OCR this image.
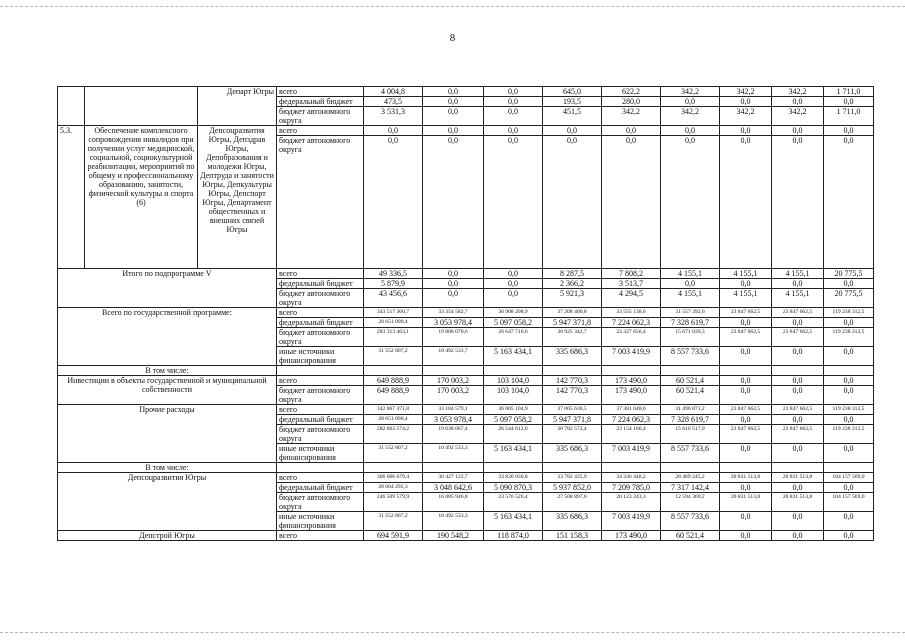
8
		Департ Югры	всего	4 004,8	0,0	0,0	645,0	622,2	342,2	342,2	342,2	1 711,0
			федеральный бюджет	473,5	0,0	0,0	193,5	280,0	0,0	0,0	0,0	0,0
			бюджет автономного округа	3 531,3	0,0	0,0	451,5	342,2	342,2	342,2	342,2	1 711,0
5.3.	Обеспечение комплексного сопровождения инвалидов при получении услуг медицинской, социальной, социокультурной реабилитации, мероприятий по общему и профессиональному образованию, занятости, физической культуры и спорта (6)	Депсоцразвития Югры, Депздрав Югры, Депобразования и молодежи Югры, Дептруда и занятости Югры, Депкультуры Югры, Депспорт Югры, Департамент общественных и внешних связей Югры	всего	0,0	0,0	0,0	0,0	0,0	0,0	0,0	0,0	0,0
			бюджет автономного округа	0,0	0,0	0,0	0,0	0,0	0,0	0,0	0,0	0,0
Итого по подпрограмме V			всего	49 336,5	0,0	0,0	8 287,5	7 808,2	4 155,1	4 155,1	4 155,1	20 775,5
			федеральный бюджет	5 879,9	0,0	0,0	2 366,2	3 513,7	0,0	0,0	0,0	0,0
			бюджет автономного округа	43 456,6	0,0	0,0	5 921,3	4 294,5	4 155,1	4 155,1	4 155,1	20 775,5
Всего по государственной программе:			всего	343 517 360,7	33 354 582,7	36 908 208,9	37 208 400,8	33 555 138,6	31 557 392,6	23 847 662,5	23 847 662,5	119 238 312,5
			федеральный бюджет	28 651 090,4	3 053 978,4	5 097 058,2	5 947 371,8	7 224 062,3	7 328 619,7	0,0	0,0	0,0
			бюджет автономного округа	283 313 463,1	19 808 070,6	26 647 716,6	30 925 342,7	23 327 656,4	15 671 039,3	23 847 662,5	23 847 662,5	119 238 312,5
			иные источники финансирования	31 552 807,2	10 492 533,7	5 163 434,1	335 686,3	7 003 419,9	8 557 733,6	0,0	0,0	0,0
В том числе:												
Инвестиции в объекты государственной и муниципальной собственности			всего	649 888,9	170 003,2	103 104,0	142 770,3	173 490,0	60 521,4	0,0	0,0	0,0
			бюджет автономного округа	649 888,9	170 003,2	103 104,0	142 770,3	173 490,0	60 521,4	0,0	0,0	0,0
Прочие расходы			всего	342 867 471,8	33 184 579,1	36 805 104,9	37 065 630,5	37 381 648,6	31 496 871,2	23 847 662,5	23 847 662,5	119 238 312,5
			федеральный бюджет	28 651 090,4	3 053 978,4	5 097 058,2	5 947 371,8	7 224 062,3	7 328 619,7	0,0	0,0	0,0
			бюджет автономного округа	282 663 574,2	19 638 067,4	26 544 612,6	30 782 572,4	23 154 166,4	15 610 517,9	23 847 662,5	23 847 662,5	119 238 312,5
			иные источники финансирования	31 552 807,2	10 492 533,3	5 163 434,1	335 686,3	7 003 419,9	8 557 733,6	0,0	0,0	0,0
В том числе:												
Депсоцразвития Югры			всего	306 666 679,4	30 427 122,7	33 830 830,8	33 782 435,9	34 336 448,2	28 469 245,2	20 831 513,8	20 831 513,8	104 157 569,0
			федеральный бюджет	28 604 292,3	3 048 642,6	5 090 870,3	5 937 852,0	7 209 785,0	7 317 142,4	0,0	0,0	0,0
			бюджет автономного округа	246 509 579,9	16 885 946,8	23 576 526,4	27 508 897,6	20 123 243,3	12 594 369,2	20 831 513,8	20 831 513,8	104 157 569,0
			иные источники финансирования	31 552 807,2	10 492 533,3	5 163 434,1	335 686,3	7 003 419,9	8 557 733,6	0,0	0,0	0,0
Депстрой Югры			всего	694 591,9	190 548,2	118 874,0	151 158,3	173 490,0	60 521,4	0,0	0,0	0,0
